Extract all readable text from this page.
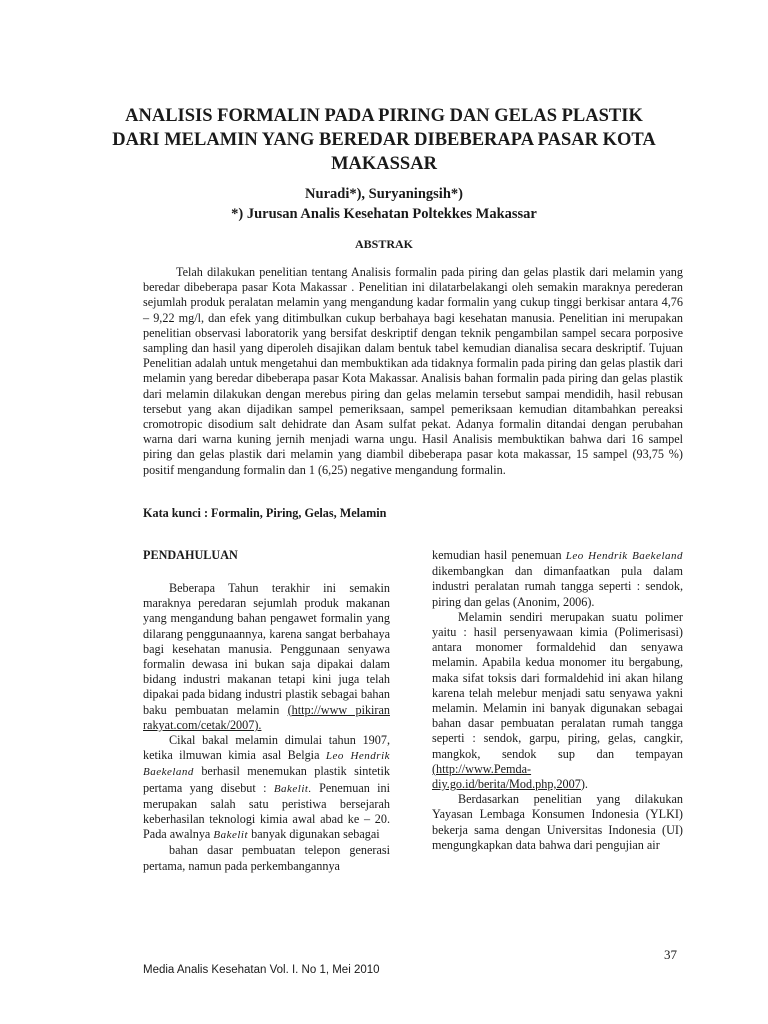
ANALISIS FORMALIN PADA PIRING DAN GELAS PLASTIK DARI MELAMIN YANG BEREDAR DIBEBERAPA PASAR KOTA MAKASSAR
Nuradi*), Suryaningsih*)
*) Jurusan Analis Kesehatan Poltekkes Makassar
ABSTRAK

Telah dilakukan penelitian tentang Analisis formalin pada piring dan gelas plastik dari melamin yang beredar dibeberapa pasar Kota Makassar . Penelitian ini dilatarbelakangi oleh semakin maraknya perederan sejumlah produk peralatan melamin yang mengandung kadar formalin yang cukup tinggi berkisar antara 4,76 – 9,22 mg/l, dan efek yang ditimbulkan cukup berbahaya bagi kesehatan manusia. Penelitian ini merupakan penelitian observasi laboratorik yang bersifat deskriptif dengan teknik pengambilan sampel secara porposive sampling dan hasil yang diperoleh disajikan dalam bentuk tabel kemudian dianalisa secara deskriptif. Tujuan Penelitian adalah untuk mengetahui dan membuktikan ada tidaknya formalin pada piring dan gelas plastik dari melamin yang beredar dibeberapa pasar Kota Makassar. Analisis bahan formalin pada piring dan gelas plastik dari melamin dilakukan dengan merebus piring dan gelas melamin tersebut sampai mendidih, hasil rebusan tersebut yang akan dijadikan sampel pemeriksaan, sampel pemeriksaan kemudian ditambahkan pereaksi cromotropic disodium salt dehidrate dan Asam sulfat pekat. Adanya formalin ditandai dengan perubahan warna dari warna kuning jernih menjadi warna ungu. Hasil Analisis membuktikan bahwa dari 16 sampel piring dan gelas plastik dari melamin yang diambil dibeberapa pasar kota makassar, 15 sampel (93,75 %) positif mengandung formalin dan 1 (6,25) negative mengandung formalin.

Kata kunci : Formalin, Piring, Gelas, Melamin
PENDAHULUAN

Beberapa Tahun terakhir ini semakin maraknya peredaran sejumlah produk makanan yang mengandung bahan pengawet formalin yang dilarang penggunaannya, karena sangat berbahaya bagi kesehatan manusia. Penggunaan senyawa formalin dewasa ini bukan saja dipakai dalam bidang industri makanan tetapi kini juga telah dipakai pada bidang industri plastik sebagai bahan baku pembuatan melamin (http://www pikiran rakyat.com/cetak/2007).

Cikal bakal melamin dimulai tahun 1907, ketika ilmuwan kimia asal Belgia Leo Hendrik Baekeland berhasil menemukan plastik sintetik pertama yang disebut : Bakelit. Penemuan ini merupakan salah satu peristiwa bersejarah keberhasilan teknologi kimia awal abad ke – 20. Pada awalnya Bakelit banyak digunakan sebagai

bahan dasar pembuatan telepon generasi pertama, namun pada perkembangannya

kemudian hasil penemuan Leo Hendrik Baekeland dikembangkan dan dimanfaatkan pula dalam industri peralatan rumah tangga seperti : sendok, piring dan gelas (Anonim, 2006).

Melamin sendiri merupakan suatu polimer yaitu : hasil persenyawaan kimia (Polimerisasi) antara monomer formaldehid dan senyawa melamin. Apabila kedua monomer itu bergabung, maka sifat toksis dari formaldehid ini akan hilang karena telah melebur menjadi satu senyawa yakni melamin. Melamin ini banyak digunakan sebagai bahan dasar pembuatan peralatan rumah tangga seperti : sendok, garpu, piring, gelas, cangkir, mangkok, sendok sup dan tempayan (http://www.Pemda-diy.go.id/berita/Mod.php,2007).

Berdasarkan penelitian yang dilakukan Yayasan Lembaga Konsumen Indonesia (YLKI) bekerja sama dengan Universitas Indonesia (UI) mengungkapkan data bahwa dari pengujian air

37
Media Analis Kesehatan Vol. I. No 1, Mei 2010
